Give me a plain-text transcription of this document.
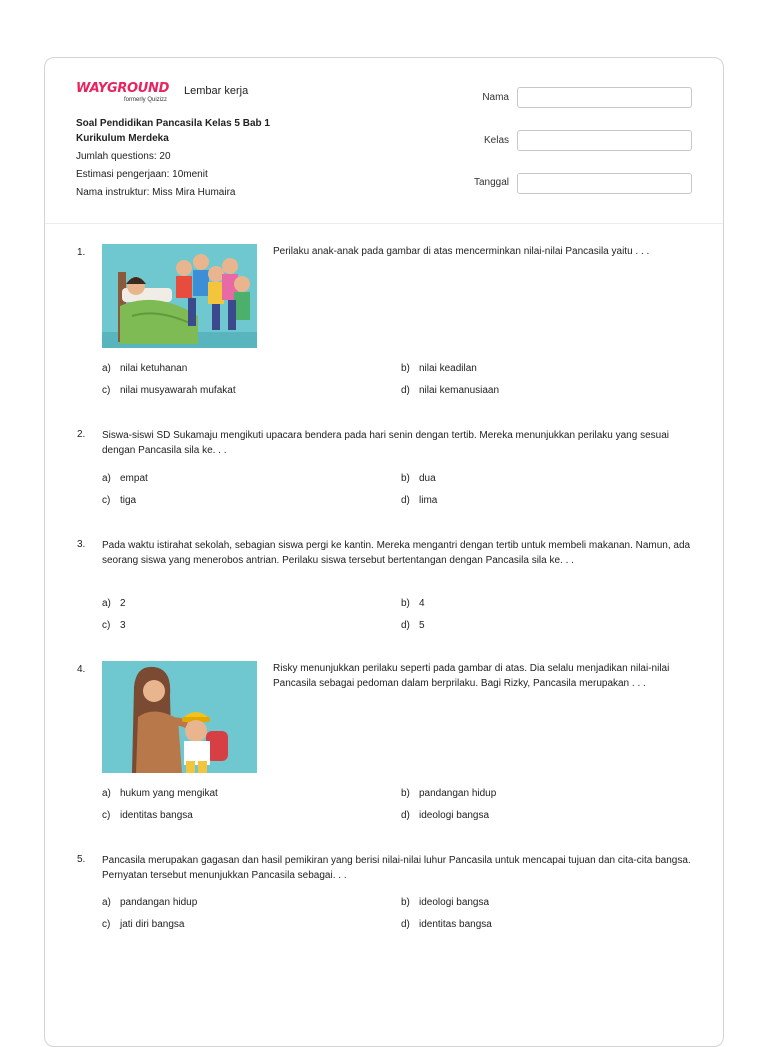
WAYGROUND
formerly Quizizz
Lembar kerja
Soal Pendidikan Pancasila Kelas 5 Bab 1
Kurikulum Merdeka
Jumlah questions: 20
Estimasi pengerjaan: 10menit
Nama instruktur: Miss Mira Humaira
Nama
Kelas
Tanggal
1.	Perilaku anak-anak pada gambar di atas mencerminkan nilai-nilai Pancasila yaitu . . .
a) nilai ketuhanan	b) nilai keadilan
c) nilai musyawarah mufakat	d) nilai kemanusiaan
2. Siswa-siswi SD Sukamaju mengikuti upacara bendera pada hari senin dengan tertib. Mereka menunjukkan perilaku yang sesuai dengan Pancasila sila ke. . .
a) empat	b) dua
c) tiga	d) lima
3. Pada waktu istirahat sekolah, sebagian siswa pergi ke kantin. Mereka mengantri dengan tertib untuk membeli makanan. Namun, ada seorang siswa yang menerobos antrian. Perilaku siswa tersebut bertentangan dengan Pancasila sila ke. . .
a) 2	b) 4
c) 3	d) 5
4.	Risky menunjukkan perilaku seperti pada gambar di atas. Dia selalu menjadikan nilai-nilai Pancasila sebagai pedoman dalam berprilaku. Bagi Rizky, Pancasila merupakan . . .
a) hukum yang mengikat	b) pandangan hidup
c) identitas bangsa	d) ideologi bangsa
5. Pancasila merupakan gagasan dan hasil pemikiran yang berisi nilai-nilai luhur Pancasila untuk mencapai tujuan dan cita-cita bangsa. Pernyatan tersebut menunjukkan Pancasila sebagai. . .
a) pandangan hidup	b) ideologi bangsa
c) jati diri bangsa	d) identitas bangsa
